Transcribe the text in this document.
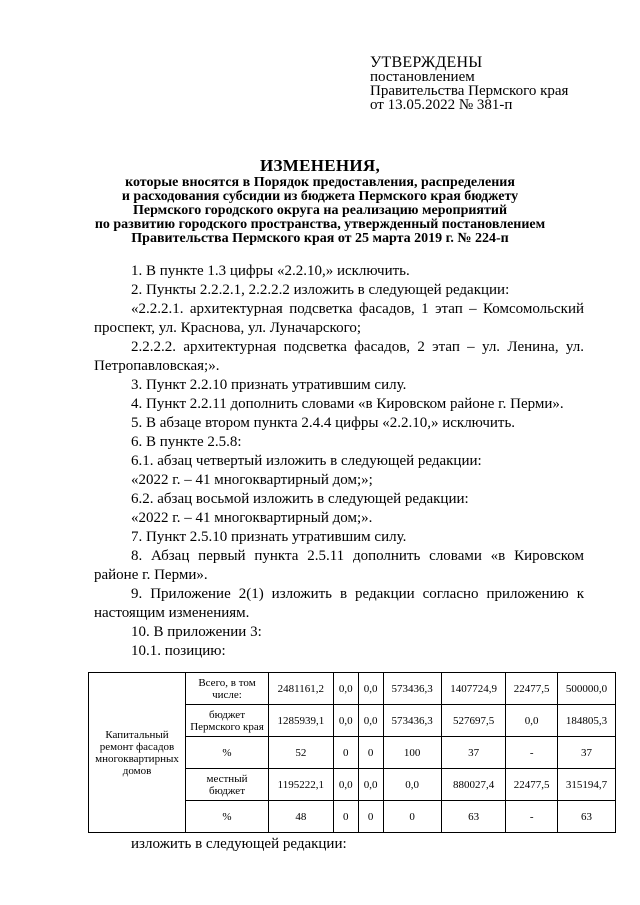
УТВЕРЖДЕНЫ
постановлением
Правительства Пермского края
от 13.05.2022 № 381-п
ИЗМЕНЕНИЯ,
которые вносятся в Порядок предоставления, распределения
и расходования субсидии из бюджета Пермского края бюджету
Пермского городского округа на реализацию мероприятий
по развитию городского пространства, утвержденный постановлением
Правительства Пермского края от 25 марта 2019 г. № 224-п

1. В пункте 1.3 цифры «2.2.10,» исключить.

2. Пункты 2.2.2.1, 2.2.2.2 изложить в следующей редакции:

«2.2.2.1. архитектурная подсветка фасадов, 1 этап – Комсомольский проспект, ул. Краснова, ул. Луначарского;

2.2.2.2. архитектурная подсветка фасадов, 2 этап – ул. Ленина, ул. Петропавловская;».

3. Пункт 2.2.10 признать утратившим силу.

4. Пункт 2.2.11 дополнить словами «в Кировском районе г. Перми».

5. В абзаце втором пункта 2.4.4 цифры «2.2.10,» исключить.

6. В пункте 2.5.8:

6.1. абзац четвертый изложить в следующей редакции:

«2022 г. – 41 многоквартирный дом;»;

6.2. абзац восьмой изложить в следующей редакции:

«2022 г. – 41 многоквартирный дом;».

7. Пункт 2.5.10 признать утратившим силу.

8. Абзац первый пункта 2.5.11 дополнить словами «в Кировском районе г. Перми».

9. Приложение 2(1) изложить в редакции согласно приложению к настоящим изменениям.

10. В приложении 3:

10.1. позицию:

Капитальный ремонт фасадов многоквартирных домов	Всего, в том числе:	2481161,2	0,0	0,0	573436,3	1407724,9	22477,5	500000,0
	бюджет Пермского края	1285939,1	0,0	0,0	573436,3	527697,5	0,0	184805,3
	%	52	0	0	100	37	-	37
	местный бюджет	1195222,1	0,0	0,0	0,0	880027,4	22477,5	315194,7
	%	48	0	0	0	63	-	63
изложить в следующей редакции:
